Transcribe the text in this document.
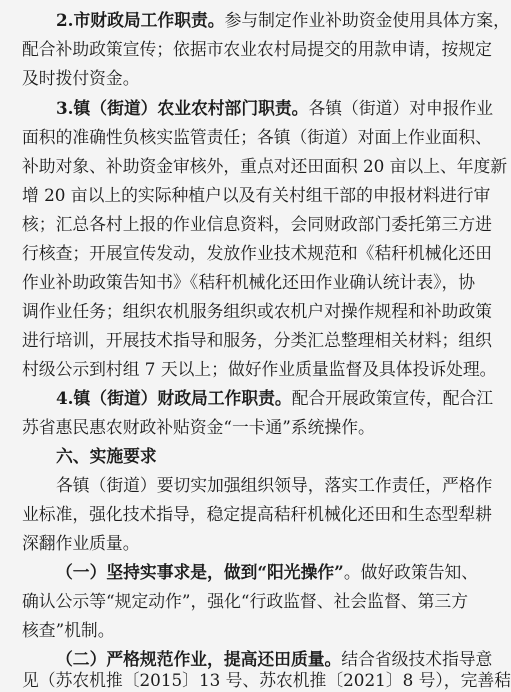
2.市财政局工作职责。参与制定作业补助资金使用具体方案，
配合补助政策宣传；依据市农业农村局提交的用款申请，按规定
及时拨付资金。
3.镇（街道）农业农村部门职责。各镇（街道）对申报作业
面积的准确性负核实监管责任；各镇（街道）对面上作业面积、
补助对象、补助资金审核外，重点对还田面积 20 亩以上、年度新
增 20 亩以上的实际种植户以及有关村组干部的申报材料进行审
核；汇总各村上报的作业信息资料，会同财政部门委托第三方进
行核查；开展宣传发动，发放作业技术规范和《秸秆机械化还田
作业补助政策告知书》《秸秆机械化还田作业确认统计表》，协
调作业任务；组织农机服务组织或农机户对操作规程和补助政策
进行培训，开展技术指导和服务，分类汇总整理相关材料；组织
村级公示到村组 7 天以上；做好作业质量监督及具体投诉处理。
4.镇（街道）财政局工作职责。配合开展政策宣传，配合江
苏省惠民惠农财政补贴资金“一卡通”系统操作。
六、实施要求
各镇（街道）要切实加强组织领导，落实工作责任，严格作
业标准，强化技术指导，稳定提高秸秆机械化还田和生态型犁耕
深翻作业质量。
（一）坚持实事求是，做到“阳光操作”。做好政策告知、
确认公示等“规定动作”，强化“行政监督、社会监督、第三方
核查”机制。
（二）严格规范作业，提高还田质量。结合省级技术指导意
见（苏农机推〔2015〕13 号、苏农机推〔2021〕8 号），完善秸
